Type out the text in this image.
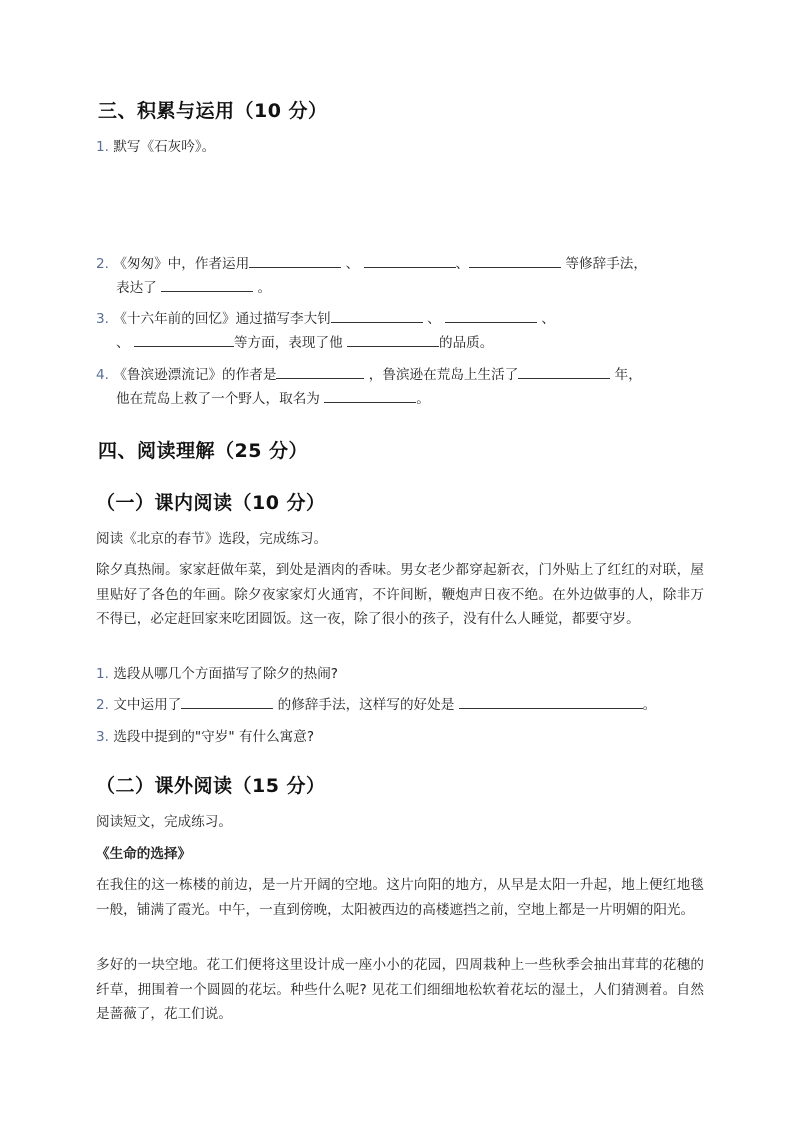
三、积累与运用（10 分）
1. 默写《石灰吟》。
2. 《匆匆》中，作者运用	、	、	等修辞手法，
表达了	。
3. 《十六年前的回忆》通过描写李大钊	、	、
、	等方面，表现了他	的品质。
4. 《鲁滨逊漂流记》的作者是	，鲁滨逊在荒岛上生活了	年，
他在荒岛上救了一个野人，取名为	。
四、阅读理解（25 分）
（一）课内阅读（10 分）
阅读《北京的春节》选段，完成练习。
除夕真热闹。家家赶做年菜，到处是酒肉的香味。男女老少都穿起新衣，门外贴上了红红的对联，屋里贴好了各色的年画。除夕夜家家灯火通宵，不许间断，鞭炮声日夜不绝。在外边做事的人，除非万不得已，必定赶回家来吃团圆饭。这一夜，除了很小的孩子，没有什么人睡觉，都要守岁。
1. 选段从哪几个方面描写了除夕的热闹?
2. 文中运用了	的修辞手法，这样写的好处是	。
3. 选段中提到的"守岁" 有什么寓意?
（二）课外阅读（15 分）
阅读短文，完成练习。
《生命的选择》
在我住的这一栋楼的前边，是一片开阔的空地。这片向阳的地方，从早是太阳一升起，地上便红地毯一般，铺满了霞光。中午，一直到傍晚，太阳被西边的高楼遮挡之前，空地上都是一片明媚的阳光。
多好的一块空地。花工们便将这里设计成一座小小的花园，四周栽种上一些秋季会抽出茸茸的花穗的纤草，拥围着一个圆圆的花坛。种些什么呢? 见花工们细细地松软着花坛的湿土，人们猜测着。自然是蔷薇了，花工们说。
